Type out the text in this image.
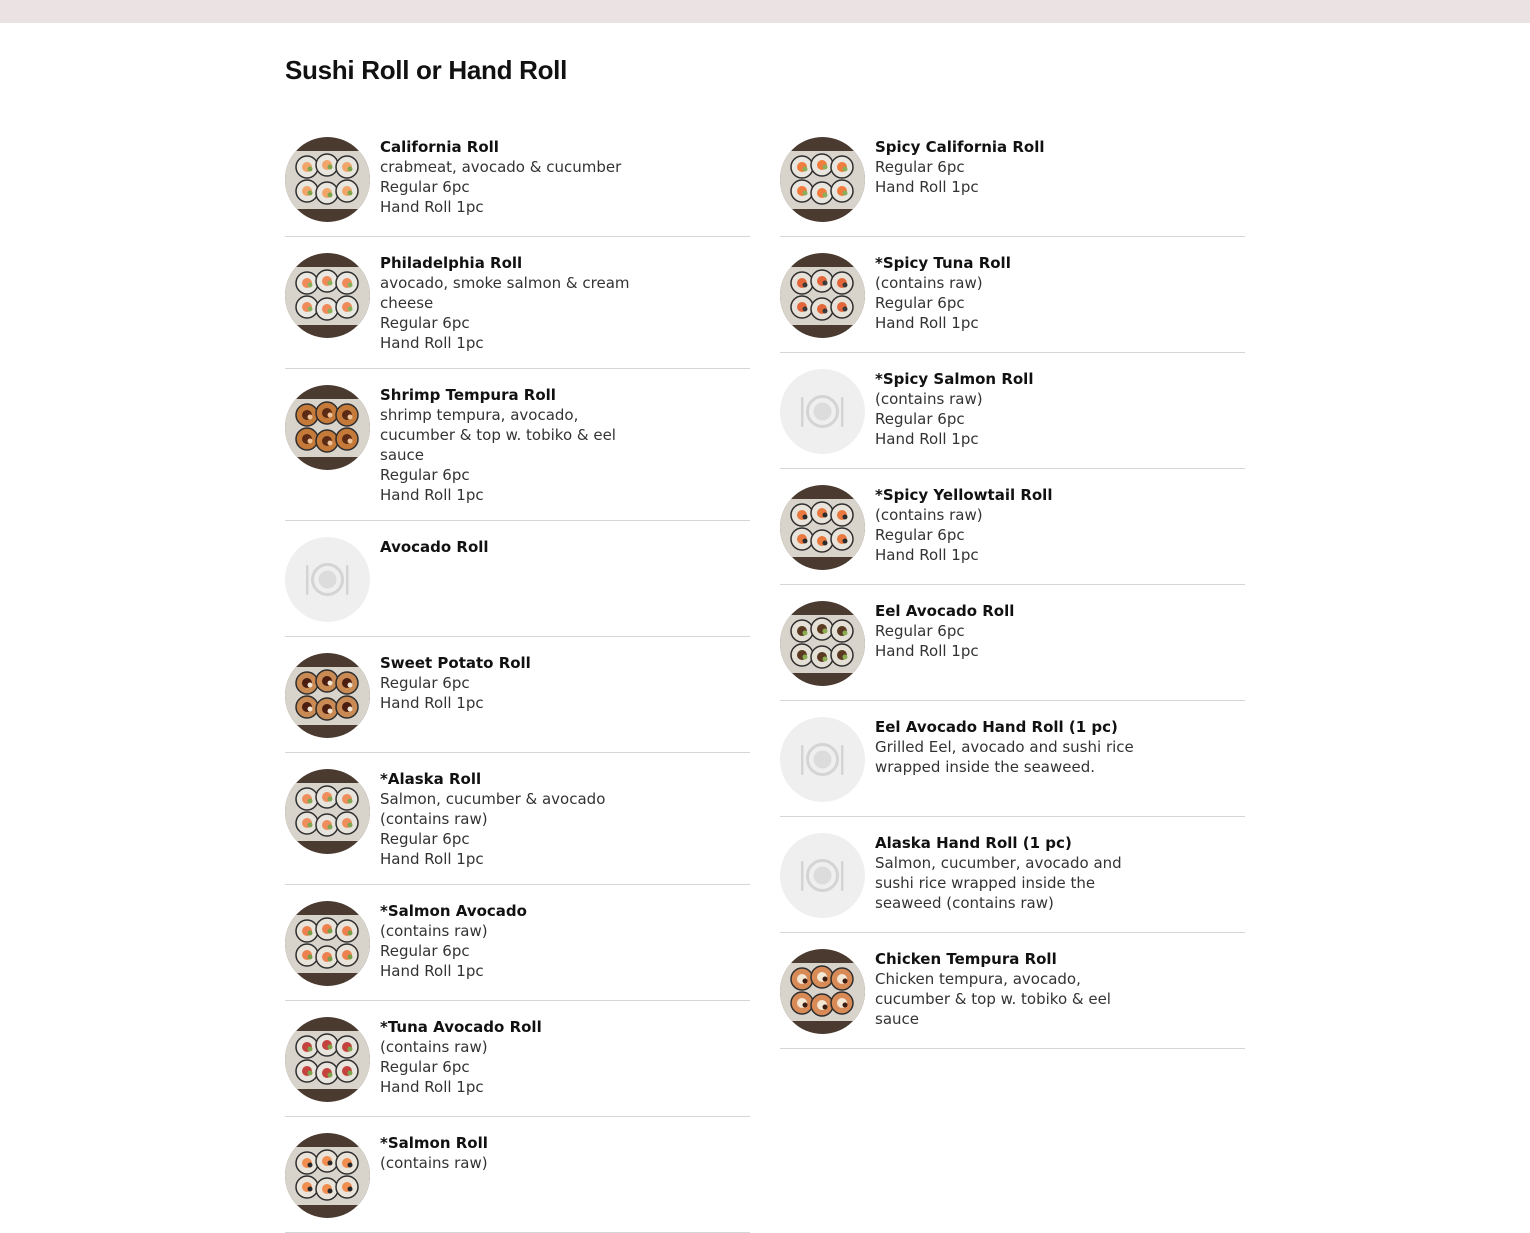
Sushi Roll or Hand Roll
California Roll
crabmeat, avocado & cucumber
Regular 6pc
Hand Roll 1pc
Philadelphia Roll
avocado, smoke salmon & cream cheese
Regular 6pc
Hand Roll 1pc
Shrimp Tempura Roll
shrimp tempura, avocado, cucumber & top w. tobiko & eel sauce
Regular 6pc
Hand Roll 1pc
Avocado Roll
Sweet Potato Roll
Regular 6pc
Hand Roll 1pc
*Alaska Roll
Salmon, cucumber & avocado (contains raw)
Regular 6pc
Hand Roll 1pc
*Salmon Avocado
(contains raw)
Regular 6pc
Hand Roll 1pc
*Tuna Avocado Roll
(contains raw)
Regular 6pc
Hand Roll 1pc
*Salmon Roll
(contains raw)
Spicy California Roll
Regular 6pc
Hand Roll 1pc
*Spicy Tuna Roll
(contains raw)
Regular 6pc
Hand Roll 1pc
*Spicy Salmon Roll
(contains raw)
Regular 6pc
Hand Roll 1pc
*Spicy Yellowtail Roll
(contains raw)
Regular 6pc
Hand Roll 1pc
Eel Avocado Roll
Regular 6pc
Hand Roll 1pc
Eel Avocado Hand Roll (1 pc)
Grilled Eel, avocado and sushi rice wrapped inside the seaweed.
Alaska Hand Roll (1 pc)
Salmon, cucumber, avocado and sushi rice wrapped inside the seaweed (contains raw)
Chicken Tempura Roll
Chicken tempura, avocado, cucumber & top w. tobiko & eel sauce
